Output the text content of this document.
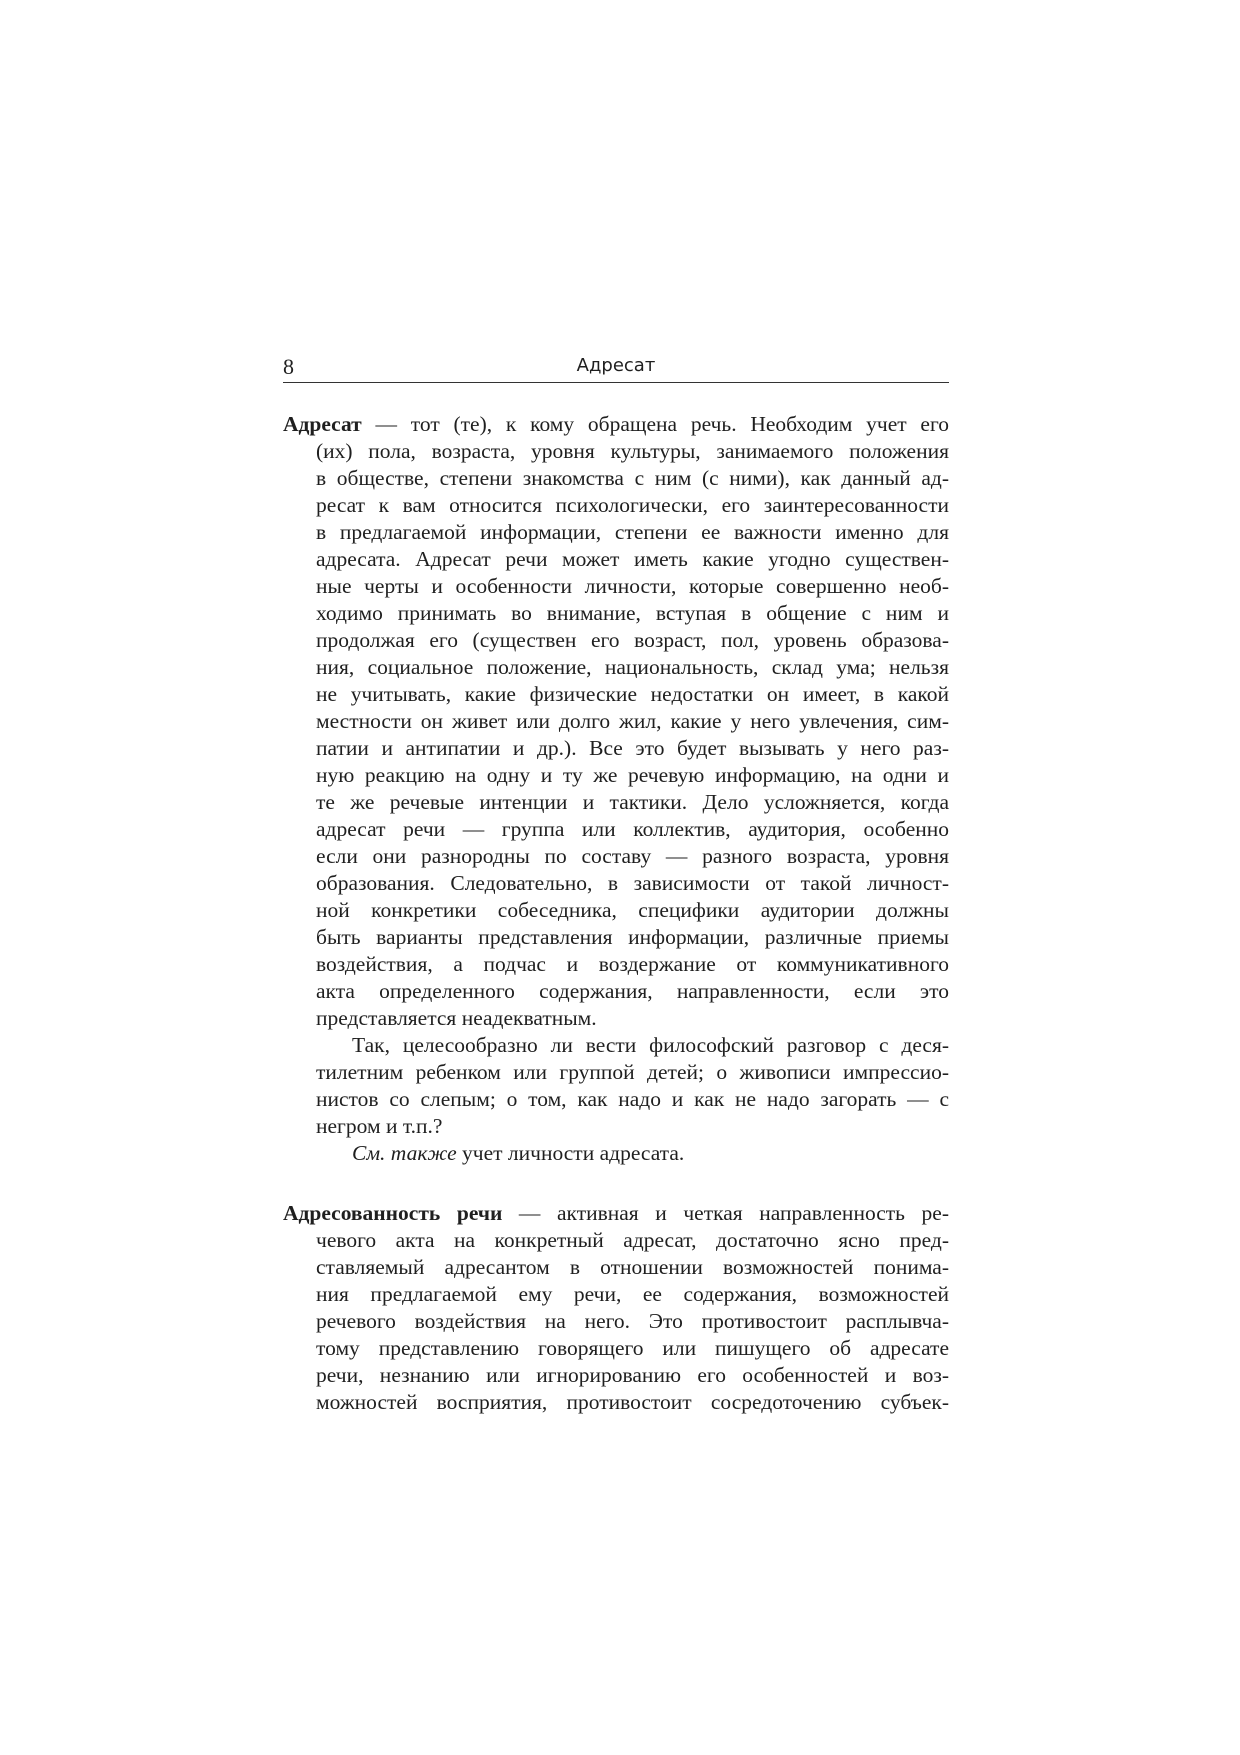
8	Адресат
Адресат — тот (те), к кому обращена речь. Необходим учет его
(их) пола, возраста, уровня культуры, занимаемого положения
в обществе, степени знакомства с ним (с ними), как данный ад-
ресат к вам относится психологически, его заинтересованности
в предлагаемой информации, степени ее важности именно для
адресата. Адресат речи может иметь какие угодно существен-
ные черты и особенности личности, которые совершенно необ-
ходимо принимать во внимание, вступая в общение с ним и
продолжая его (существен его возраст, пол, уровень образова-
ния, социальное положение, национальность, склад ума; нельзя
не учитывать, какие физические недостатки он имеет, в какой
местности он живет или долго жил, какие у него увлечения, сим-
патии и антипатии и др.). Все это будет вызывать у него раз-
ную реакцию на одну и ту же речевую информацию, на одни и
те же речевые интенции и тактики. Дело усложняется, когда
адресат речи — группа или коллектив, аудитория, особенно
если они разнородны по составу — разного возраста, уровня
образования. Следовательно, в зависимости от такой личност-
ной конкретики собеседника, специфики аудитории должны
быть варианты представления информации, различные приемы
воздействия, а подчас и воздержание от коммуникативного
акта определенного содержания, направленности, если это
представляется неадекватным.
Так, целесообразно ли вести философский разговор с деся-
тилетним ребенком или группой детей; о живописи импрессио-
нистов со слепым; о том, как надо и как не надо загорать — с
негром и т.п.?
См. также учет личности адресата.
Адресованность речи — активная и четкая направленность ре-
чевого акта на конкретный адресат, достаточно ясно пред-
ставляемый адресантом в отношении возможностей понима-
ния предлагаемой ему речи, ее содержания, возможностей
речевого воздействия на него. Это противостоит расплывча-
тому представлению говорящего или пишущего об адресате
речи, незнанию или игнорированию его особенностей и воз-
можностей восприятия, противостоит сосредоточению субъек-
